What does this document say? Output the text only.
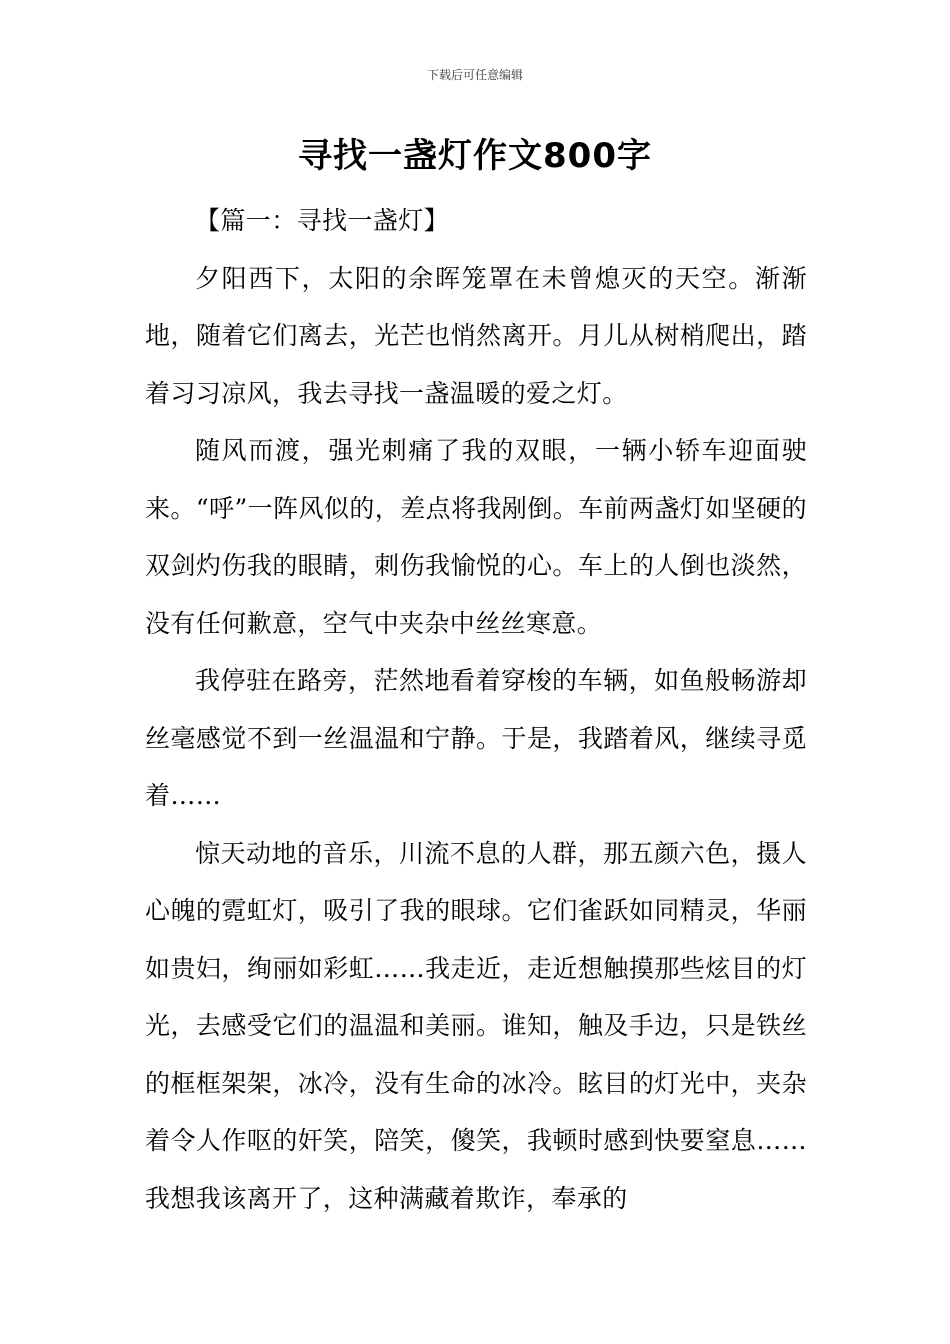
下载后可任意编辑
寻找一盏灯作文800字

【篇一：寻找一盏灯】

夕阳西下，太阳的余晖笼罩在未曾熄灭的天空。渐渐地，随着它们离去，光芒也悄然离开。月儿从树梢爬出，踏着习习凉风，我去寻找一盏温暖的爱之灯。

随风而渡，强光刺痛了我的双眼，一辆小轿车迎面驶来。“呼”一阵风似的，差点将我剐倒。车前两盏灯如坚硬的双剑灼伤我的眼睛，刺伤我愉悦的心。车上的人倒也淡然，没有任何歉意，空气中夹杂中丝丝寒意。

我停驻在路旁，茫然地看着穿梭的车辆，如鱼般畅游却丝毫感觉不到一丝温温和宁静。于是，我踏着风，继续寻觅着……

惊天动地的音乐，川流不息的人群，那五颜六色，摄人心魄的霓虹灯，吸引了我的眼球。它们雀跃如同精灵，华丽如贵妇，绚丽如彩虹……我走近，走近想触摸那些炫目的灯光，去感受它们的温温和美丽。谁知，触及手边，只是铁丝的框框架架，冰冷，没有生命的冰冷。眩目的灯光中，夹杂着令人作呕的奸笑，陪笑，傻笑，我顿时感到快要窒息……我想我该离开了，这种满藏着欺诈，奉承的
